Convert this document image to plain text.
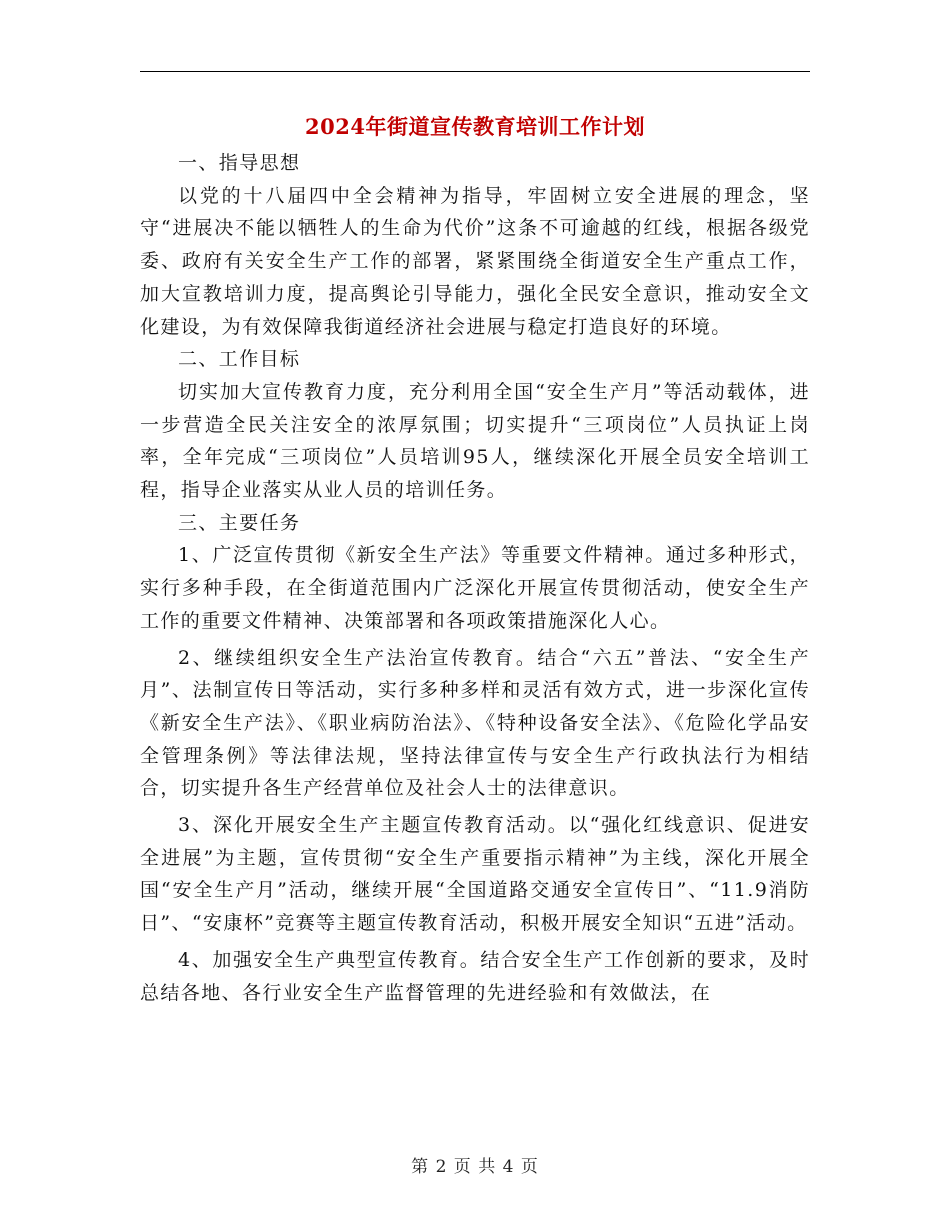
2024年街道宣传教育培训工作计划

一、指导思想

以党的十八届四中全会精神为指导，牢固树立安全进展的理念，坚守“进展决不能以牺牲人的生命为代价”这条不可逾越的红线，根据各级党委、政府有关安全生产工作的部署，紧紧围绕全街道安全生产重点工作，加大宣教培训力度，提高舆论引导能力，强化全民安全意识，推动安全文化建设，为有效保障我街道经济社会进展与稳定打造良好的环境。

二、工作目标

切实加大宣传教育力度，充分利用全国“安全生产月”等活动载体，进一步营造全民关注安全的浓厚氛围；切实提升“三项岗位”人员执证上岗率，全年完成“三项岗位”人员培训95人，继续深化开展全员安全培训工程，指导企业落实从业人员的培训任务。

三、主要任务

1、广泛宣传贯彻《新安全生产法》等重要文件精神。通过多种形式，实行多种手段，在全街道范围内广泛深化开展宣传贯彻活动，使安全生产工作的重要文件精神、决策部署和各项政策措施深化人心。

2、继续组织安全生产法治宣传教育。结合“六五”普法、“安全生产月”、法制宣传日等活动，实行多种多样和灵活有效方式，进一步深化宣传《新安全生产法》、《职业病防治法》、《特种设备安全法》、《危险化学品安全管理条例》等法律法规，坚持法律宣传与安全生产行政执法行为相结合，切实提升各生产经营单位及社会人士的法律意识。

3、深化开展安全生产主题宣传教育活动。以“强化红线意识、促进安全进展”为主题，宣传贯彻“安全生产重要指示精神”为主线，深化开展全国“安全生产月”活动，继续开展“全国道路交通安全宣传日”、“11.9消防日”、“安康杯”竞赛等主题宣传教育活动，积极开展安全知识“五进”活动。

4、加强安全生产典型宣传教育。结合安全生产工作创新的要求，及时总结各地、各行业安全生产监督管理的先进经验和有效做法，在

第 2 页 共 4 页
